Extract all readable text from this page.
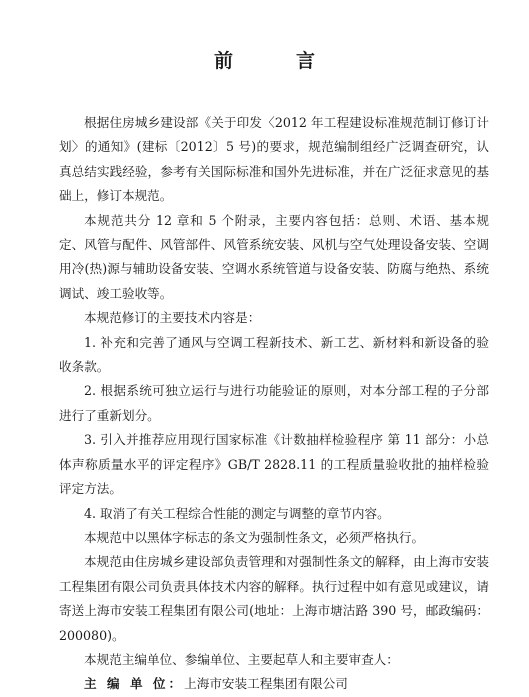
前　言

根据住房城乡建设部《关于印发〈2012 年工程建设标准规范制订修订计划〉的通知》(建标〔2012〕5 号)的要求，规范编制组经广泛调查研究，认真总结实践经验，参考有关国际标准和国外先进标准，并在广泛征求意见的基础上，修订本规范。

本规范共分 12 章和 5 个附录，主要内容包括：总则、术语、基本规定、风管与配件、风管部件、风管系统安装、风机与空气处理设备安装、空调用冷(热)源与辅助设备安装、空调水系统管道与设备安装、防腐与绝热、系统调试、竣工验收等。

本规范修订的主要技术内容是：

1. 补充和完善了通风与空调工程新技术、新工艺、新材料和新设备的验收条款。

2. 根据系统可独立运行与进行功能验证的原则，对本分部工程的子分部进行了重新划分。

3. 引入并推荐应用现行国家标准《计数抽样检验程序 第 11 部分：小总体声称质量水平的评定程序》GB/T 2828.11 的工程质量验收批的抽样检验评定方法。

4. 取消了有关工程综合性能的测定与调整的章节内容。

本规范中以黑体字标志的条文为强制性条文，必须严格执行。

本规范由住房城乡建设部负责管理和对强制性条文的解释，由上海市安装工程集团有限公司负责具体技术内容的解释。执行过程中如有意见或建议，请寄送上海市安装工程集团有限公司(地址：上海市塘沽路 390 号，邮政编码：200080)。

本规范主编单位、参编单位、主要起草人和主要审查人：

主 编 单 位：上海市安装工程集团有限公司
